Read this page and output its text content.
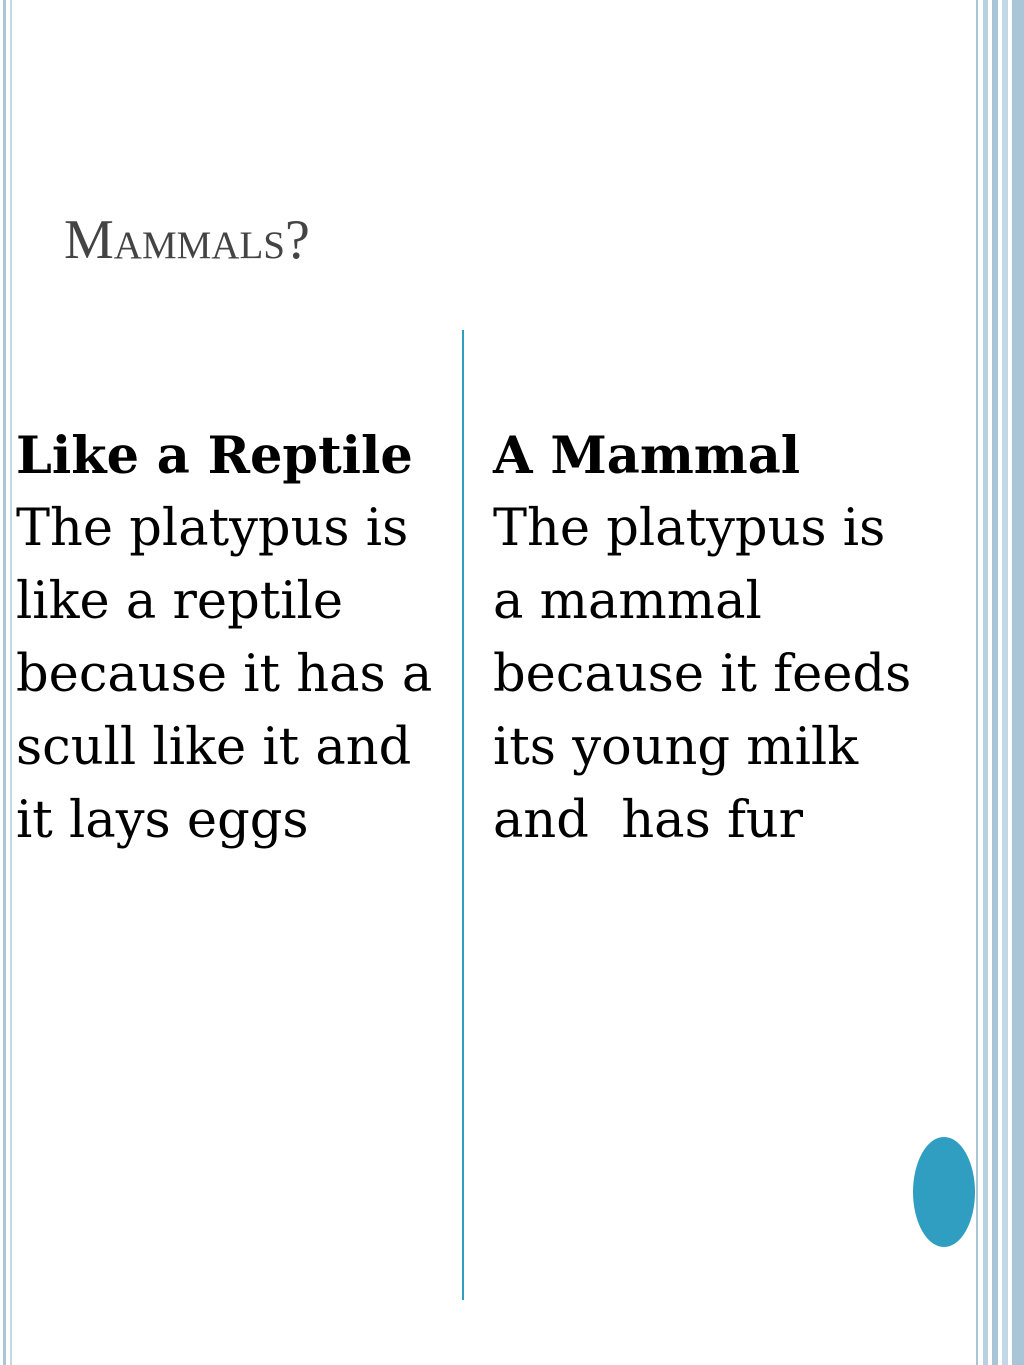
Mammals?

Like a Reptile

The platypus is
like a reptile
because it has a
scull like it and
it lays eggs

A Mammal

The platypus is
a mammal
because it feeds
its young milk
and  has fur
